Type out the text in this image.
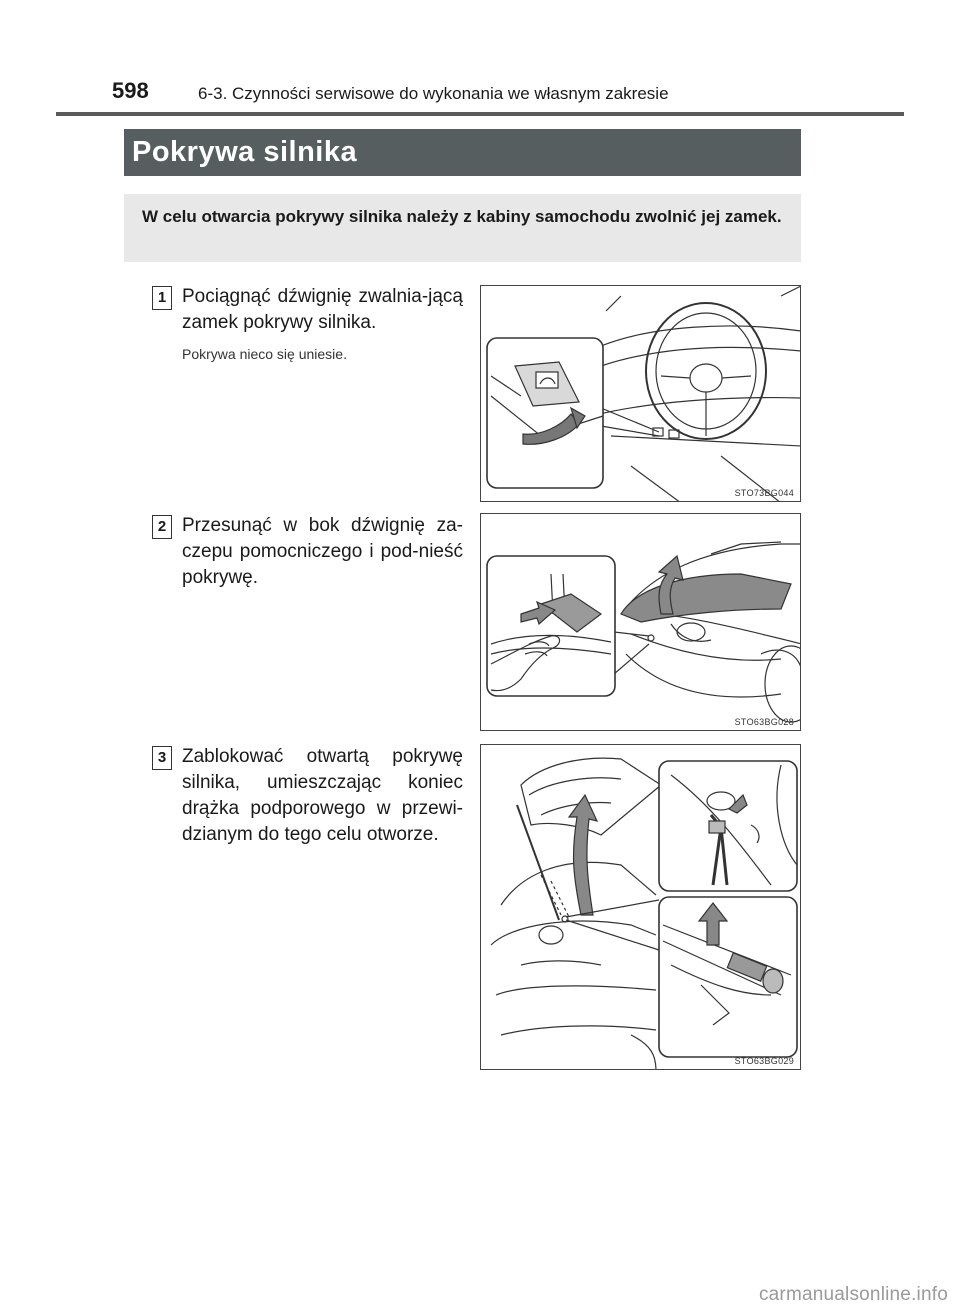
598	6-3. Czynności serwisowe do wykonania we własnym zakresie
Pokrywa silnika

W celu otwarcia pokrywy silnika należy z kabiny samochodu zwolnić jej zamek.

1 Pociągnąć dźwignię zwalnia-jącą zamek pokrywy silnika.

Pokrywa nieco się uniesie.

STO73BG044
2 Przesunąć w bok dźwignię za-czepu pomocniczego i pod-nieść pokrywę.

STO63BG028
3 Zablokować otwartą pokrywę silnika, umieszczając koniec drążka podporowego w przewi-dzianym do tego celu otworze.

STO63BG029
carmanualsonline.info
